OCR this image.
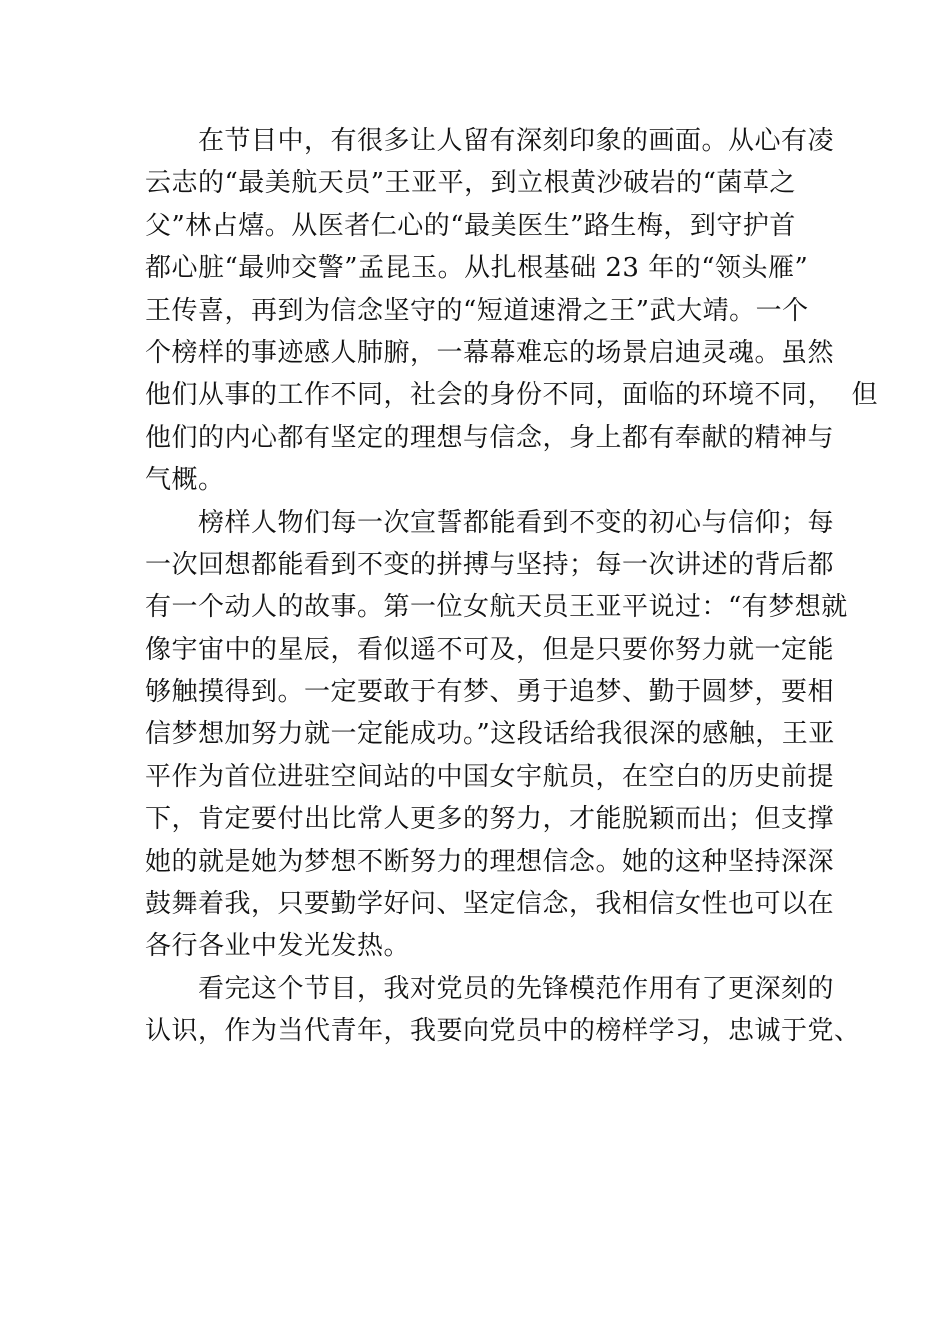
　　在节目中，有很多让人留有深刻印象的画面。从心有凌
云志的“最美航天员”王亚平，到立根黄沙破岩的“菌草之
父”林占熺。从医者仁心的“最美医生”路生梅，到守护首
都心脏“最帅交警”孟昆玉。从扎根基础 23 年的“领头雁”
王传喜，再到为信念坚守的“短道速滑之王”武大靖。一个
个榜样的事迹感人肺腑，一幕幕难忘的场景启迪灵魂。虽然
他们从事的工作不同，社会的身份不同，面临的环境不同，  但
他们的内心都有坚定的理想与信念，身上都有奉献的精神与
气概。
　　榜样人物们每一次宣誓都能看到不变的初心与信仰；每
一次回想都能看到不变的拼搏与坚持；每一次讲述的背后都
有一个动人的故事。第一位女航天员王亚平说过：“有梦想就
像宇宙中的星辰，看似遥不可及，但是只要你努力就一定能
够触摸得到。一定要敢于有梦、勇于追梦、勤于圆梦，要相
信梦想加努力就一定能成功。”这段话给我很深的感触，王亚
平作为首位进驻空间站的中国女宇航员，在空白的历史前提
下，肯定要付出比常人更多的努力，才能脱颖而出；但支撑
她的就是她为梦想不断努力的理想信念。她的这种坚持深深
鼓舞着我，只要勤学好问、坚定信念，我相信女性也可以在
各行各业中发光发热。
　　看完这个节目，我对党员的先锋模范作用有了更深刻的
认识，作为当代青年，我要向党员中的榜样学习，忠诚于党、
